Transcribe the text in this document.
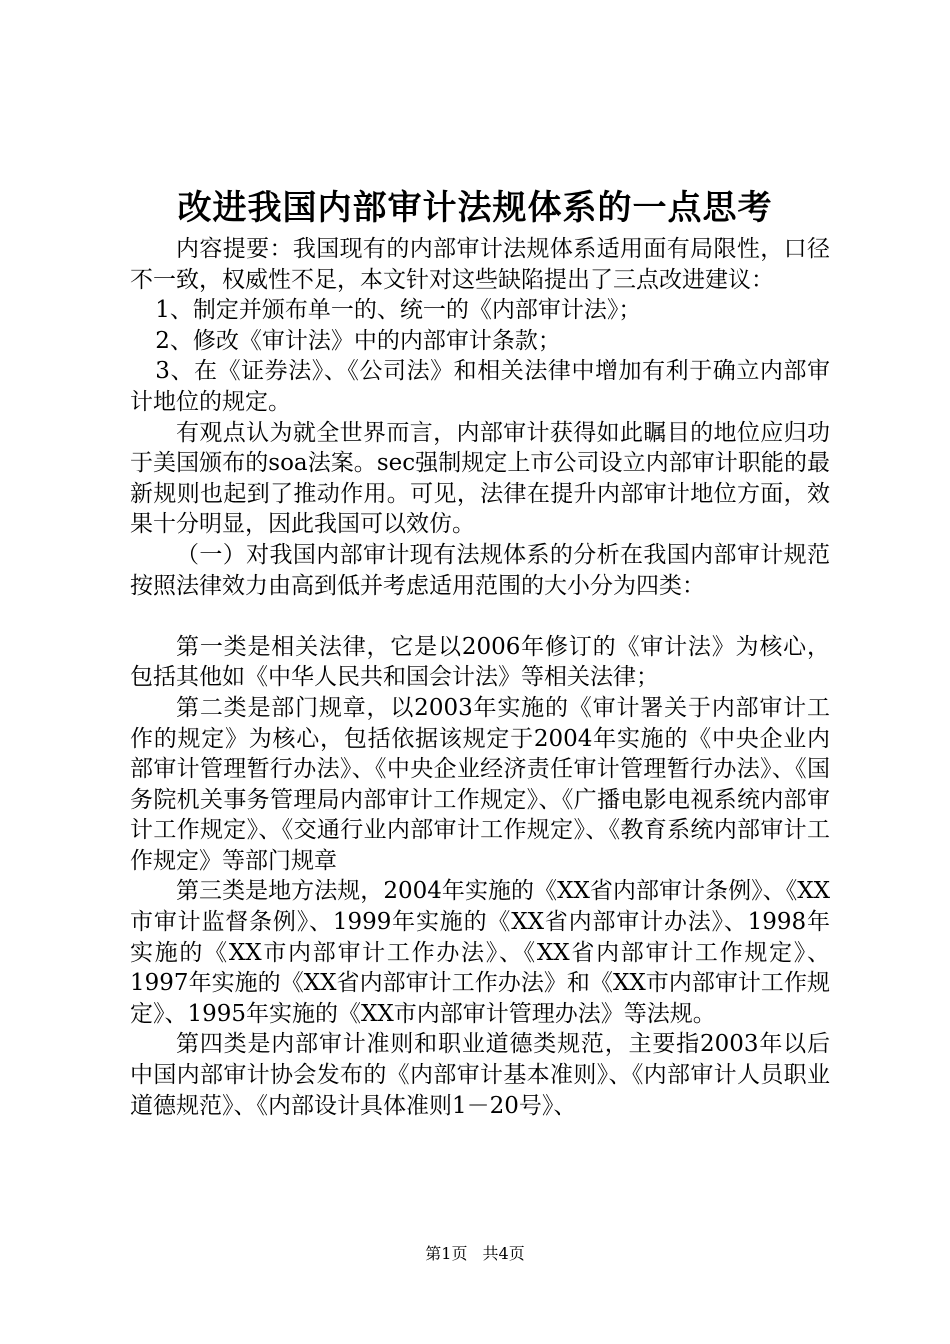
改进我国内部审计法规体系的一点思考

内容提要：我国现有的内部审计法规体系适用面有局限性，口径不一致，权威性不足，本文针对这些缺陷提出了三点改进建议：

1、制定并颁布单一的、统一的《内部审计法》；

2、修改《审计法》中的内部审计条款；

3、在《证券法》、《公司法》和相关法律中增加有利于确立内部审计地位的规定。

有观点认为就全世界而言，内部审计获得如此瞩目的地位应归功于美国颁布的soa法案。sec强制规定上市公司设立内部审计职能的最新规则也起到了推动作用。可见，法律在提升内部审计地位方面，效果十分明显，因此我国可以效仿。

（一）对我国内部审计现有法规体系的分析在我国内部审计规范按照法律效力由高到低并考虑适用范围的大小分为四类：

第一类是相关法律，它是以2006年修订的《审计法》为核心，包括其他如《中华人民共和国会计法》等相关法律；

第二类是部门规章，以2003年实施的《审计署关于内部审计工作的规定》为核心，包括依据该规定于2004年实施的《中央企业内部审计管理暂行办法》、《中央企业经济责任审计管理暂行办法》、《国务院机关事务管理局内部审计工作规定》、《广播电影电视系统内部审计工作规定》、《交通行业内部审计工作规定》、《教育系统内部审计工作规定》等部门规章

第三类是地方法规，2004年实施的《XX省内部审计条例》、《XX市审计监督条例》、1999年实施的《XX省内部审计办法》、1998年实施的《XX市内部审计工作办法》、《XX省内部审计工作规定》、1997年实施的《XX省内部审计工作办法》和《XX市内部审计工作规定》、1995年实施的《XX市内部审计管理办法》等法规。

第四类是内部审计准则和职业道德类规范，主要指2003年以后中国内部审计协会发布的《内部审计基本准则》、《内部审计人员职业道德规范》、《内部设计具体准则1－20号》、

第1页 共4页
